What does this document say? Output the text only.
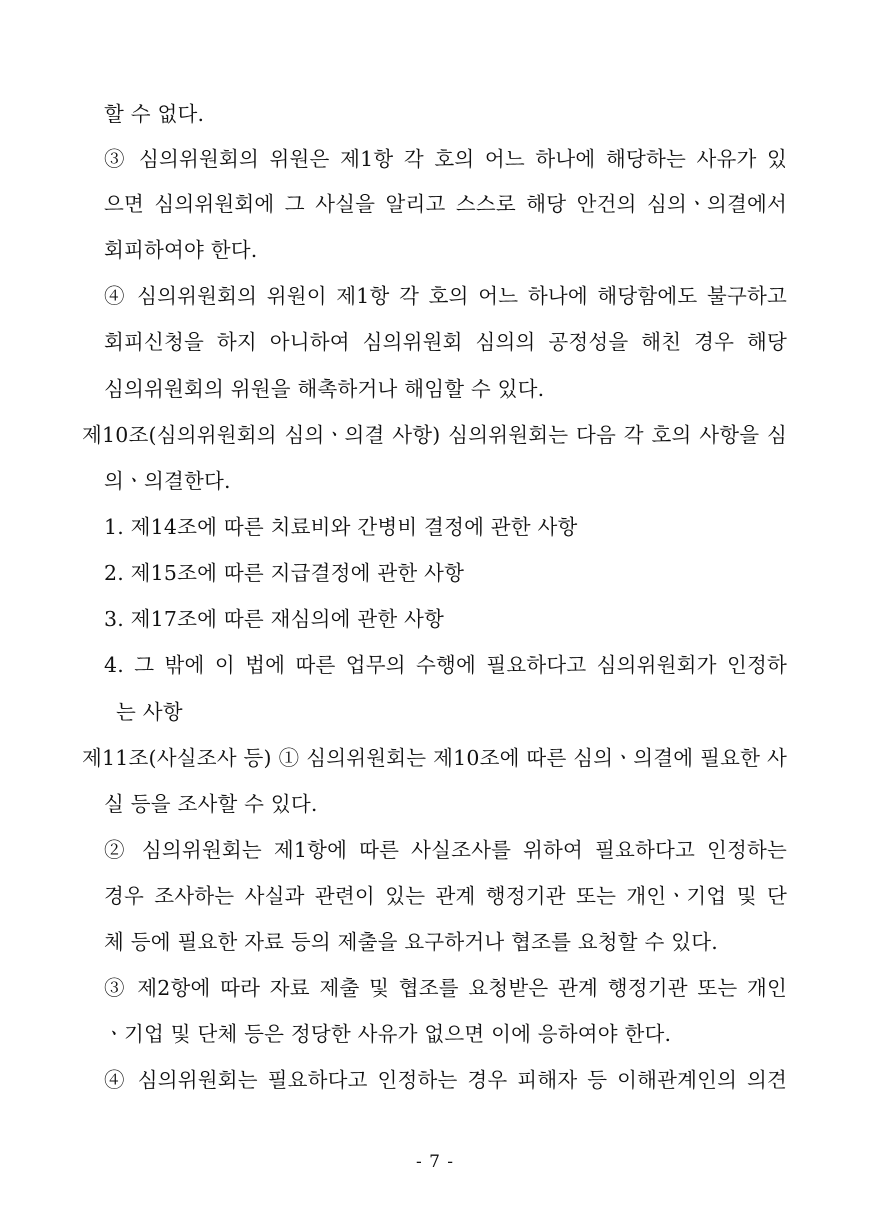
할 수 없다.
③ 심의위원회의 위원은 제1항 각 호의 어느 하나에 해당하는 사유가 있
으면 심의위원회에 그 사실을 알리고 스스로 해당 안건의 심의ㆍ의결에서
회피하여야 한다.
④ 심의위원회의 위원이 제1항 각 호의 어느 하나에 해당함에도 불구하고
회피신청을 하지 아니하여 심의위원회 심의의 공정성을 해친 경우 해당
심의위원회의 위원을 해촉하거나 해임할 수 있다.
제10조(심의위원회의 심의ㆍ의결 사항) 심의위원회는 다음 각 호의 사항을 심
의ㆍ의결한다.
1. 제14조에 따른 치료비와 간병비 결정에 관한 사항
2. 제15조에 따른 지급결정에 관한 사항
3. 제17조에 따른 재심의에 관한 사항
4. 그 밖에 이 법에 따른 업무의 수행에 필요하다고 심의위원회가 인정하
는 사항
제11조(사실조사 등) ① 심의위원회는 제10조에 따른 심의ㆍ의결에 필요한 사
실 등을 조사할 수 있다.
② 심의위원회는 제1항에 따른 사실조사를 위하여 필요하다고 인정하는
경우 조사하는 사실과 관련이 있는 관계 행정기관 또는 개인ㆍ기업 및 단
체 등에 필요한 자료 등의 제출을 요구하거나 협조를 요청할 수 있다.
③ 제2항에 따라 자료 제출 및 협조를 요청받은 관계 행정기관 또는 개인
ㆍ기업 및 단체 등은 정당한 사유가 없으면 이에 응하여야 한다.
④ 심의위원회는 필요하다고 인정하는 경우 피해자 등 이해관계인의 의견
- 7 -
